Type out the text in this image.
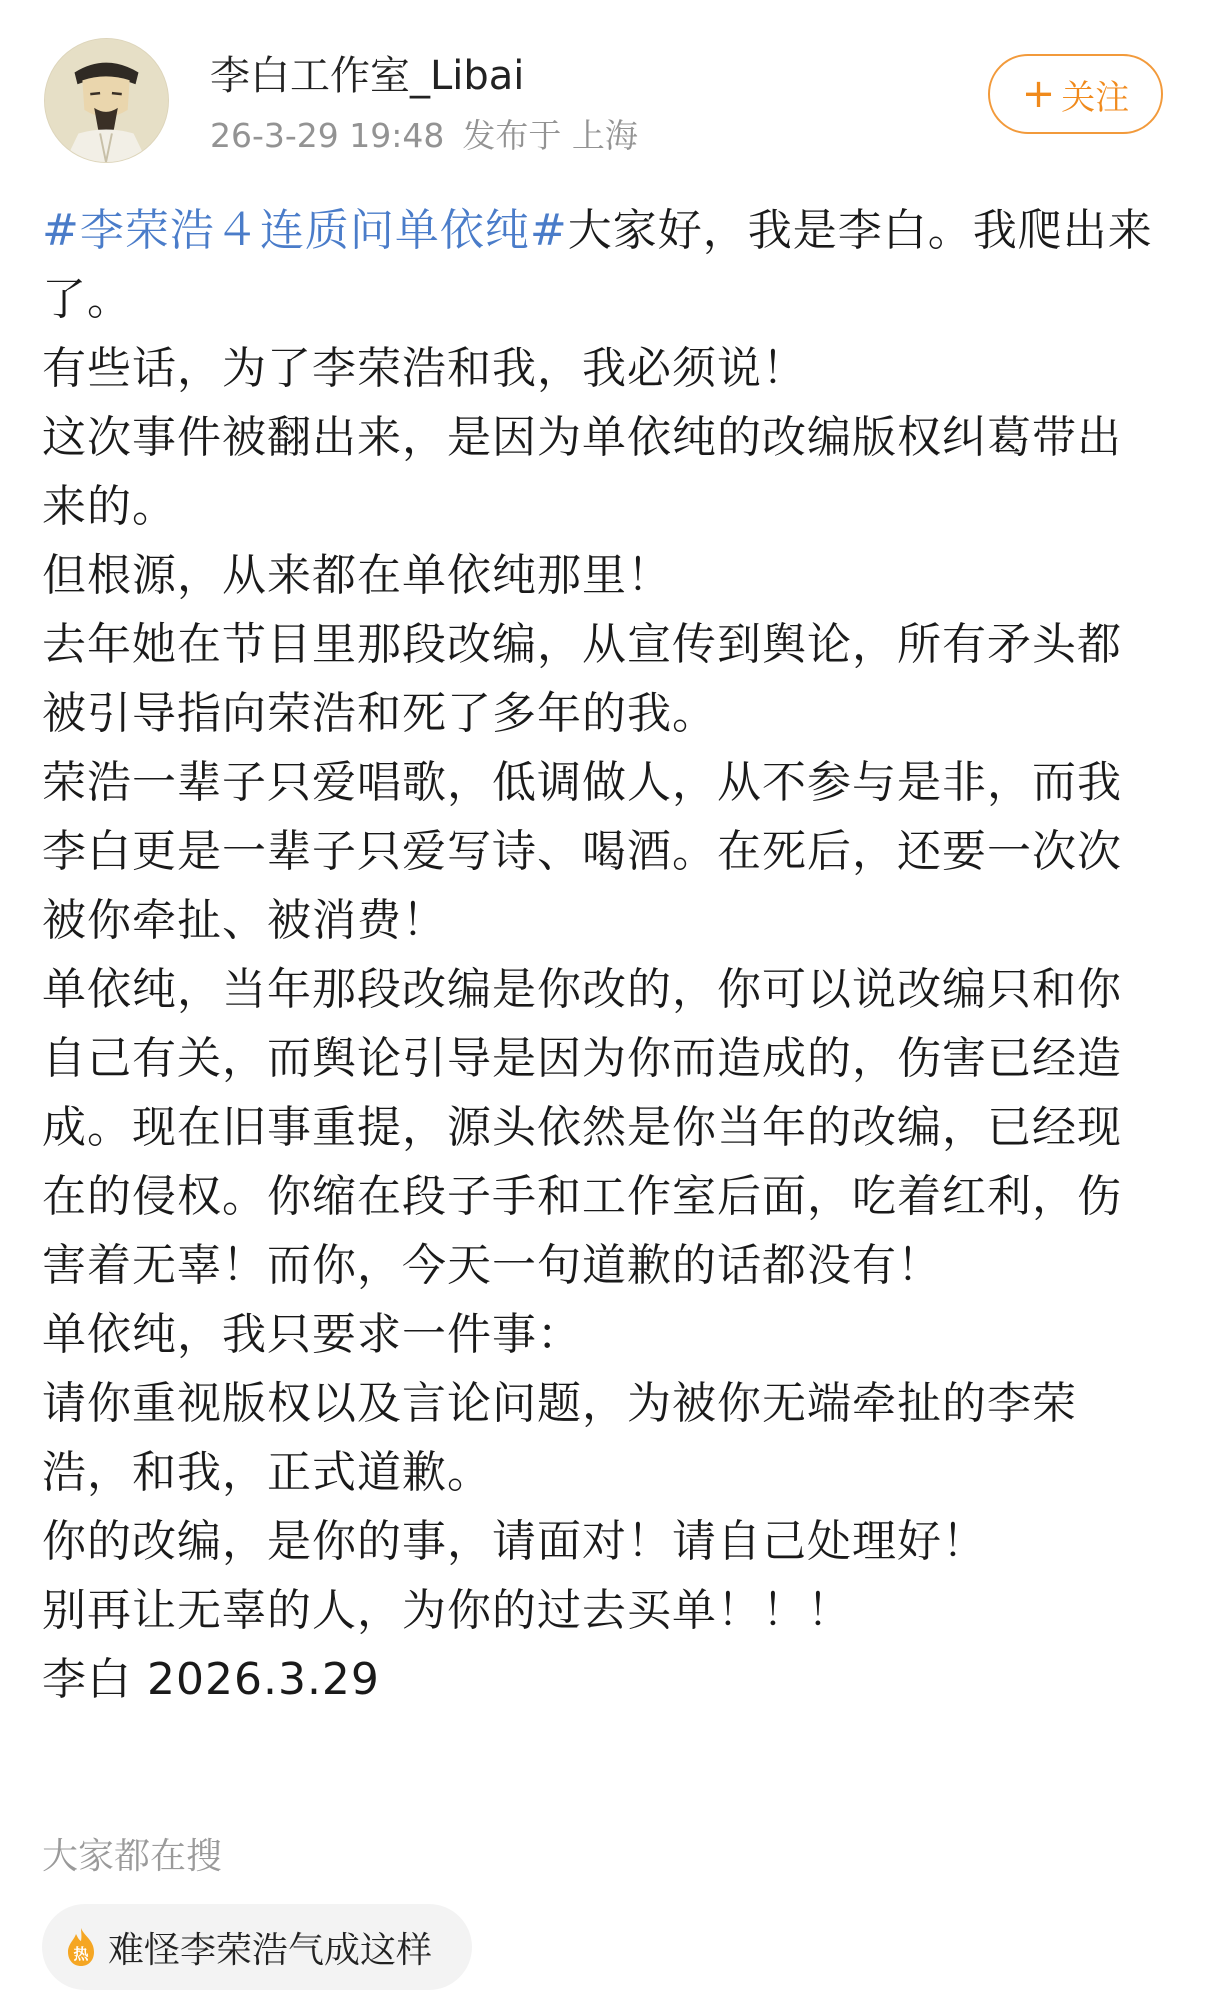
李白工作室_Libai
26-3-29 19:48 发布于 上海
+ 关注

#李荣浩４连质问单依纯#大家好，我是李白。我爬出来了。

有些话，为了李荣浩和我，我必须说！

这次事件被翻出来，是因为单依纯的改编版权纠葛带出来的。

但根源，从来都在单依纯那里！

去年她在节目里那段改编，从宣传到舆论，所有矛头都被引导指向荣浩和死了多年的我。

荣浩一辈子只爱唱歌，低调做人，从不参与是非，而我李白更是一辈子只爱写诗、喝酒。在死后，还要一次次被你牵扯、被消费！

单依纯，当年那段改编是你改的，你可以说改编只和你自己有关，而舆论引导是因为你而造成的，伤害已经造成。现在旧事重提，源头依然是你当年的改编，已经现在的侵权。你缩在段子手和工作室后面，吃着红利，伤害着无辜！而你，今天一句道歉的话都没有！

单依纯，我只要求一件事：

请你重视版权以及言论问题，为被你无端牵扯的李荣浩，和我，正式道歉。

你的改编，是你的事，请面对！请自己处理好！

别再让无辜的人，为你的过去买单！！！

李白 2026.3.29

大家都在搜
热 难怪李荣浩气成这样
